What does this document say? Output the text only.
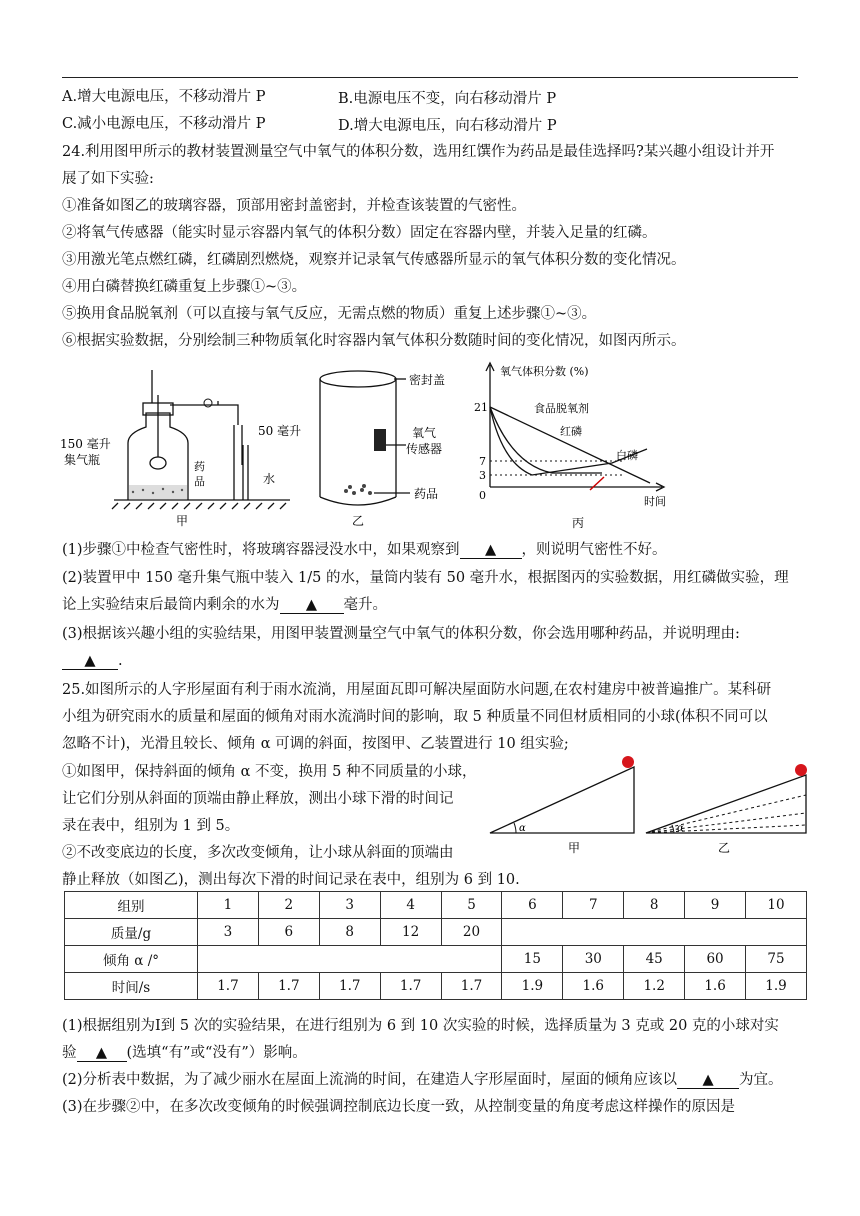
A.增大电源电压，不移动滑片 P	B.电源电压不变，向右移动滑片 P
C.减小电源电压，不移动滑片 P	D.增大电源电压，向右移动滑片 P
24.利用图甲所示的教材装置测量空气中氧气的体积分数，选用红馔作为药品是最佳选择吗?某兴趣小组设计并开
展了如下实验:
①准备如图乙的玻璃容器，顶部用密封盖密封，并检查该装置的气密性。
②将氧气传感器（能实时显示容器内氧气的体积分数）固定在容器内壁，并装入足量的红磷。
③用激光笔点燃红磷，红磷剧烈燃烧，观察并记录氧气传感器所显示的氧气体积分数的变化情况。
④用白磷替换红磷重复上步骤①~③。
⑤换用食品脱氧剂（可以直接与氧气反应，无需点燃的物质）重复上述步骤①~③。
⑥根据实验数据，分别绘制三种物质氧化时容器内氧气体积分数随时间的变化情况，如图丙所示。
150 毫升
集气瓶
50 毫升
药
品	水
甲
密封盖
氧气
传感器
药品
乙
氧气体积分数 (%)
21
7
3
0
食品脱氧剂
红磷
白磷
时间
丙
(1)步骤①中检查气密性时，将玻璃容器浸没水中，如果观察到 ▲ ，则说明气密性不好。
(2)装置甲中 150 毫升集气瓶中装入 1/5 的水，量筒内装有 50 毫升水，根据图丙的实验数据，用红磷做实验，理
论上实验结束后最筒内剩余的水为 ▲ 毫升。
(3)根据该兴趣小组的实验结果，用图甲装置测量空气中氧气的体积分数，你会选用哪种药品，并说明理由:
▲ .
25.如图所示的人字形屋面有利于雨水流淌，用屋面瓦即可解决屋面防水问题,在农村建房中被普遍推广。某科研
小组为研究雨水的质量和屋面的倾角对雨水流淌时间的影响，取 5 种质量不同但材质相同的小球(体积不同可以
忽略不计)，光滑且较长、倾角 α 可调的斜面，按图甲、乙装置进行 10 组实验;
①如图甲，保持斜面的倾角 α 不变，换用 5 种不同质量的小球，
让它们分别从斜面的顶端由静止释放，测出小球下滑的时间记
录在表中，组别为 1 到 5。
②不改变底边的长度，多次改变倾角，让小球从斜面的顶端由
静止释放（如图乙)，测出每次下滑的时间记录在表中，组别为 6 到 10.
α
甲
α
乙
组别	1	2	3	4	5	6	7	8	9	10
质量/g	3	6	8	12	20					
倾角 α /°						15	30	45	60	75
时间/s	1.7	1.7	1.7	1.7	1.7	1.9	1.6	1.2	1.6	1.9
(1)根据组别为Ⅰ到 5 次的实验结果，在进行组别为 6 到 10 次实验的时候，选择质量为 3 克或 20 克的小球对实
验 ▲ (选填“有”或“没有”）影响。
(2)分析表中数据，为了减少丽水在屋面上流淌的时间，在建造人字形屋面时，屋面的倾角应该以 ▲ 为宜。
(3)在步骤②中，在多次改变倾角的时候强调控制底边长度一致，从控制变量的角度考虑这样操作的原因是
